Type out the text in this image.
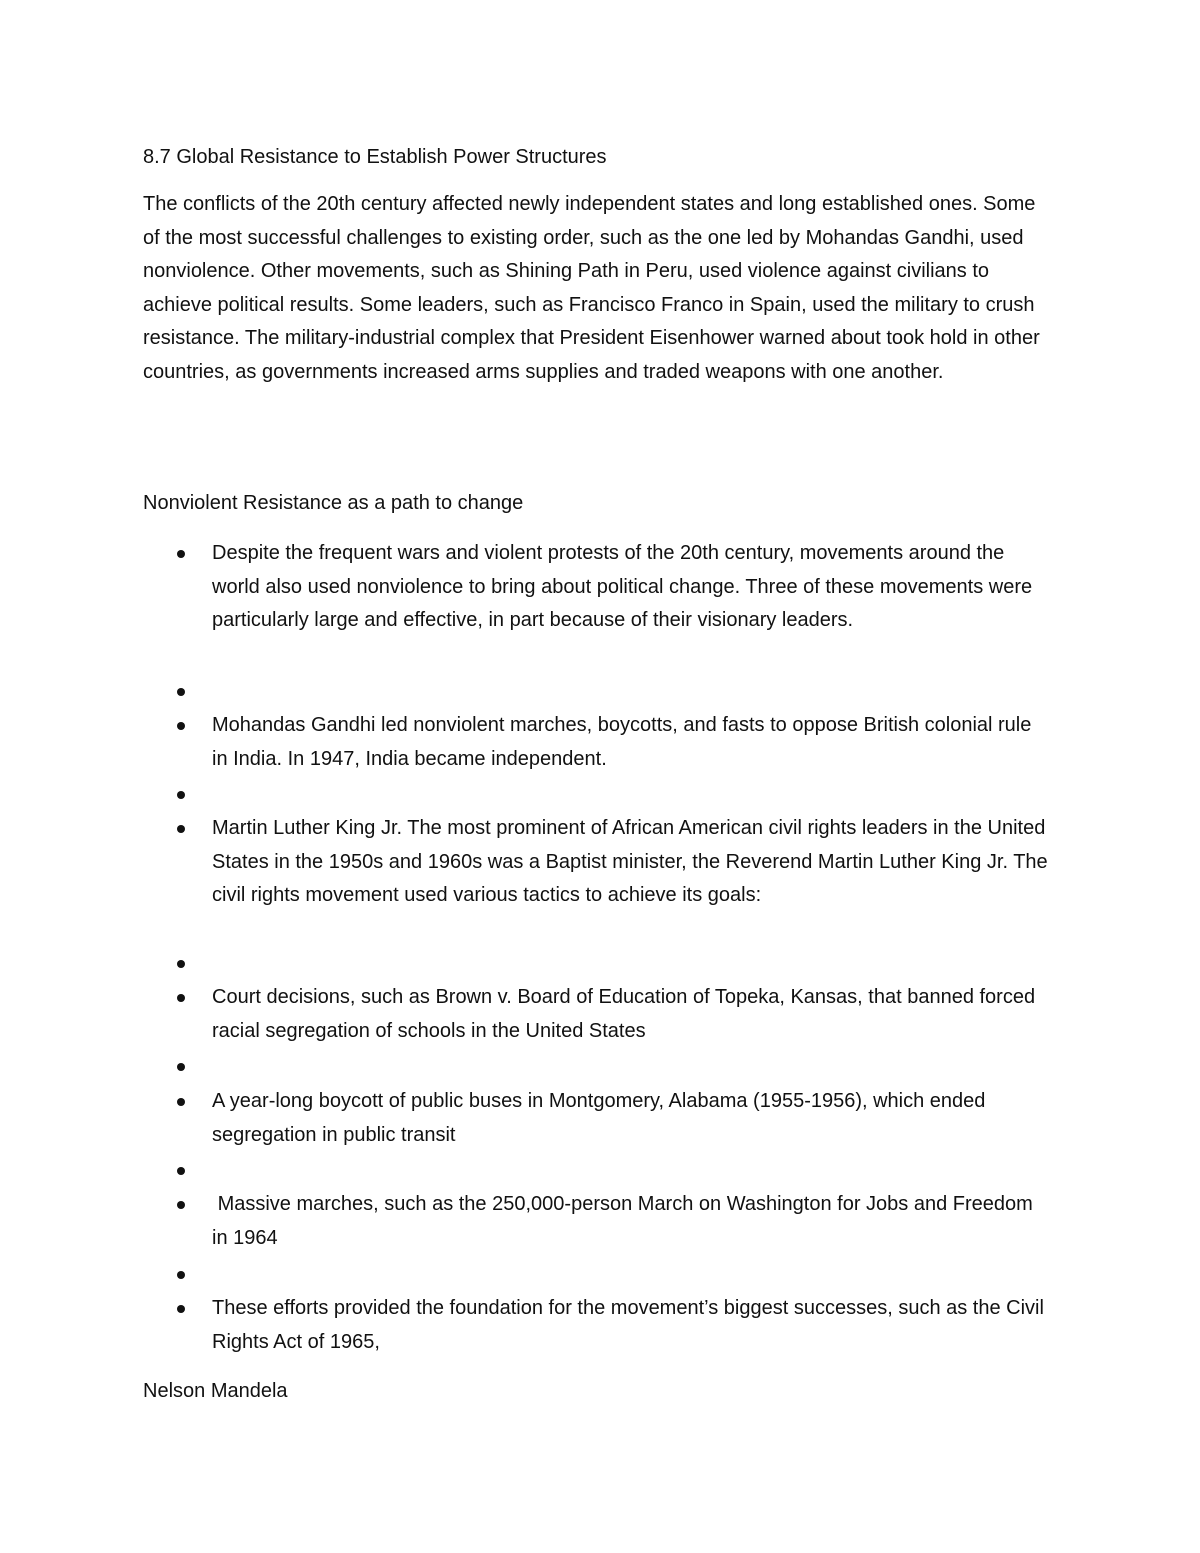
8.7 Global Resistance to Establish Power Structures

The conflicts of the 20th century affected newly independent states and long established ones. Some of the most successful challenges to existing order, such as the one led by Mohandas Gandhi, used nonviolence. Other movements, such as Shining Path in Peru, used violence against civilians to achieve political results. Some leaders, such as Francisco Franco in Spain, used the military to crush resistance. The military-industrial complex that President Eisenhower warned about took hold in other countries, as governments increased arms supplies and traded weapons with one another.

Nonviolent Resistance as a path to change
Despite the frequent wars and violent protests of the 20th century, movements around the world also used nonviolence to bring about political change. Three of these movements were particularly large and effective, in part because of their visionary leaders.
Mohandas Gandhi led nonviolent marches, boycotts, and fasts to oppose British colonial rule in India. In 1947, India became independent.
Martin Luther King Jr. The most prominent of African American civil rights leaders in the United States in the 1950s and 1960s was a Baptist minister, the Reverend Martin Luther King Jr. The civil rights movement used various tactics to achieve its goals:
Court decisions, such as Brown v. Board of Education of Topeka, Kansas, that banned forced racial segregation of schools in the United States
A year-long boycott of public buses in Montgomery, Alabama (1955-1956), which ended segregation in public transit
Massive marches, such as the 250,000-person March on Washington for Jobs and Freedom in 1964
These efforts provided the foundation for the movement’s biggest successes, such as the Civil Rights Act of 1965,
Nelson Mandela
